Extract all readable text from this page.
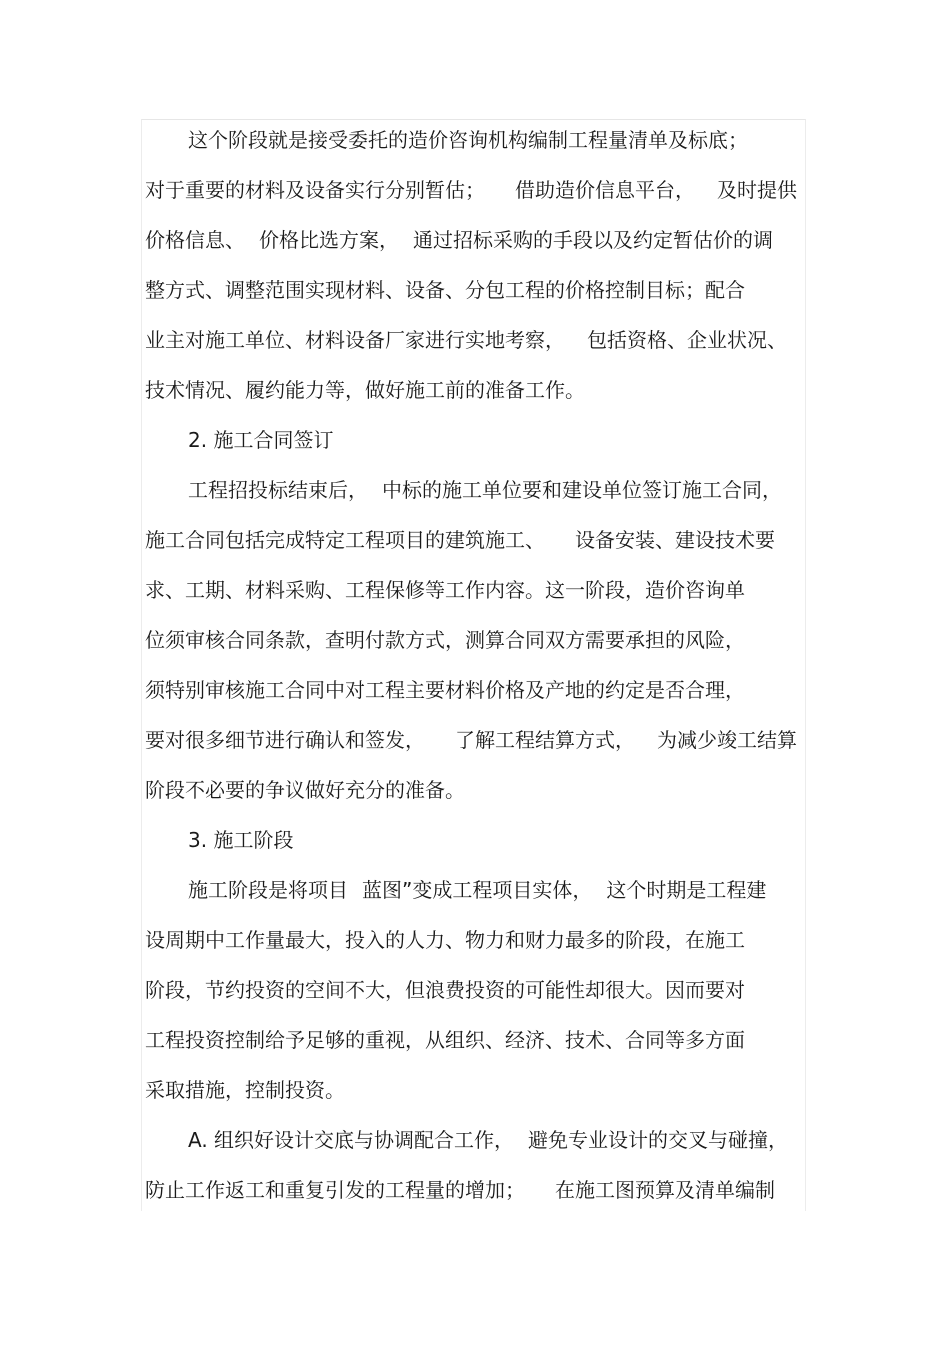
这个阶段就是接受委托的造价咨询机构编制工程量清单及标底；
对于重要的材料及设备实行分别暂估； 借助造价信息平台， 及时提供
价格信息、 价格比选方案， 通过招标采购的手段以及约定暂估价的调
整方式、调整范围实现材料、设备、分包工程的价格控制目标；配合
业主对施工单位、材料设备厂家进行实地考察， 包括资格、企业状况、
技术情况、履约能力等，做好施工前的准备工作。
2. 施工合同签订
工程招投标结束后， 中标的施工单位要和建设单位签订施工合同，
施工合同包括完成特定工程项目的建筑施工、 设备安装、建设技术要
求、工期、材料采购、工程保修等工作内容。这一阶段，造价咨询单
位须审核合同条款，查明付款方式，测算合同双方需要承担的风险，
须特别审核施工合同中对工程主要材料价格及产地的约定是否合理，
要对很多细节进行确认和签发， 了解工程结算方式， 为减少竣工结算
阶段不必要的争议做好充分的准备。
3. 施工阶段
施工阶段是将项目 蓝图”变成工程项目实体， 这个时期是工程建
设周期中工作量最大，投入的人力、物力和财力最多的阶段，在施工
阶段，节约投资的空间不大，但浪费投资的可能性却很大。因而要对
工程投资控制给予足够的重视，从组织、经济、技术、合同等多方面
采取措施，控制投资。
A. 组织好设计交底与协调配合工作， 避免专业设计的交叉与碰撞，
防止工作返工和重复引发的工程量的增加； 在施工图预算及清单编制
